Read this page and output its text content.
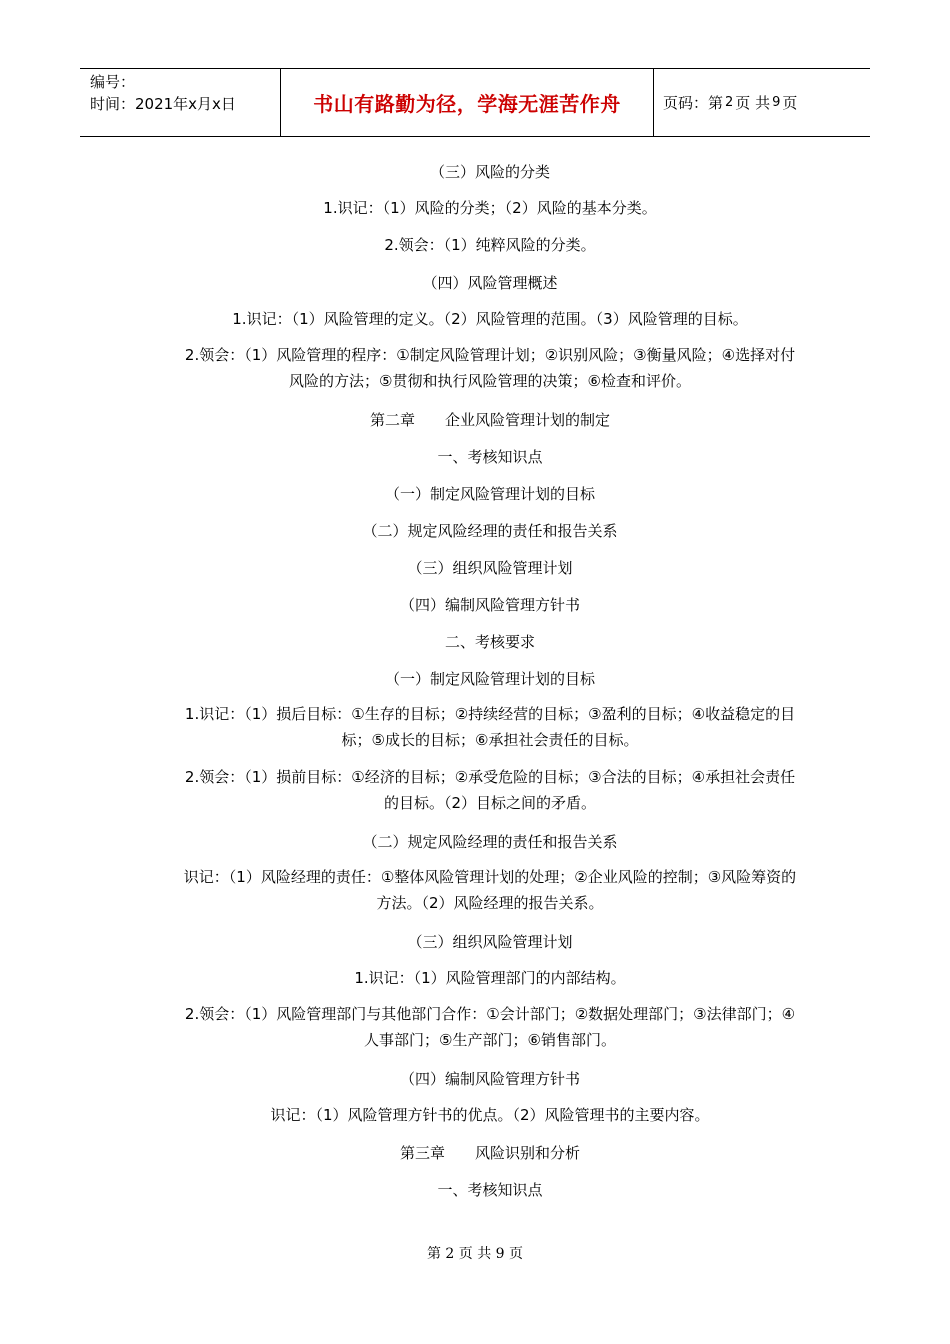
编号：
时间：2021年x月x日	书山有路勤为径，学海无涯苦作舟	页码：第 2 页 共 9 页
（三）风险的分类
1.识记：（1）风险的分类；（2）风险的基本分类。
2.领会：（1）纯粹风险的分类。
（四）风险管理概述
1.识记：（1）风险管理的定义。（2）风险管理的范围。（3）风险管理的目标。
2.领会：（1）风险管理的程序：①制定风险管理计划；②识别风险；③衡量风险；④选择对付风险的方法；⑤贯彻和执行风险管理的决策；⑥检查和评价。
第二章　　企业风险管理计划的制定
一、考核知识点
（一）制定风险管理计划的目标
（二）规定风险经理的责任和报告关系
（三）组织风险管理计划
（四）编制风险管理方针书
二、考核要求
（一）制定风险管理计划的目标
1.识记：（1）损后目标：①生存的目标；②持续经营的目标；③盈利的目标；④收益稳定的目标；⑤成长的目标；⑥承担社会责任的目标。
2.领会：（1）损前目标：①经济的目标；②承受危险的目标；③合法的目标；④承担社会责任的目标。（2）目标之间的矛盾。
（二）规定风险经理的责任和报告关系
识记：（1）风险经理的责任：①整体风险管理计划的处理；②企业风险的控制；③风险筹资的方法。（2）风险经理的报告关系。
（三）组织风险管理计划
1.识记：（1）风险管理部门的内部结构。
2.领会：（1）风险管理部门与其他部门合作：①会计部门；②数据处理部门；③法律部门；④人事部门；⑤生产部门；⑥销售部门。
（四）编制风险管理方针书
识记：（1）风险管理方针书的优点。（2）风险管理书的主要内容。
第三章　　风险识别和分析
一、考核知识点
第 2 页 共 9 页
